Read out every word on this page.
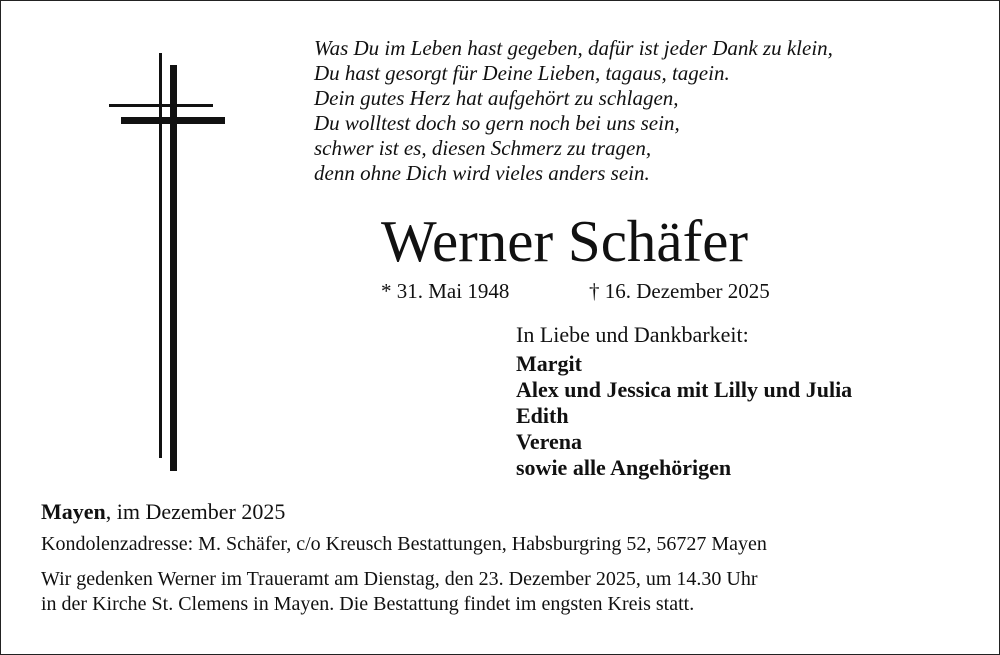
Was Du im Leben hast gegeben, dafür ist jeder Dank zu klein,
Du hast gesorgt für Deine Lieben, tagaus, tagein.
Dein gutes Herz hat aufgehört zu schlagen,
Du wolltest doch so gern noch bei uns sein,
schwer ist es, diesen Schmerz zu tragen,
denn ohne Dich wird vieles anders sein.
Werner Schäfer
* 31. Mai 1948	† 16. Dezember 2025
In Liebe und Dankbarkeit:
Margit
Alex und Jessica mit Lilly und Julia
Edith
Verena
sowie alle Angehörigen
Mayen, im Dezember 2025
Kondolenzadresse: M. Schäfer, c/o Kreusch Bestattungen, Habsburgring 52, 56727 Mayen
Wir gedenken Werner im Traueramt am Dienstag, den 23. Dezember 2025, um 14.30 Uhr
in der Kirche St. Clemens in Mayen. Die Bestattung findet im engsten Kreis statt.
